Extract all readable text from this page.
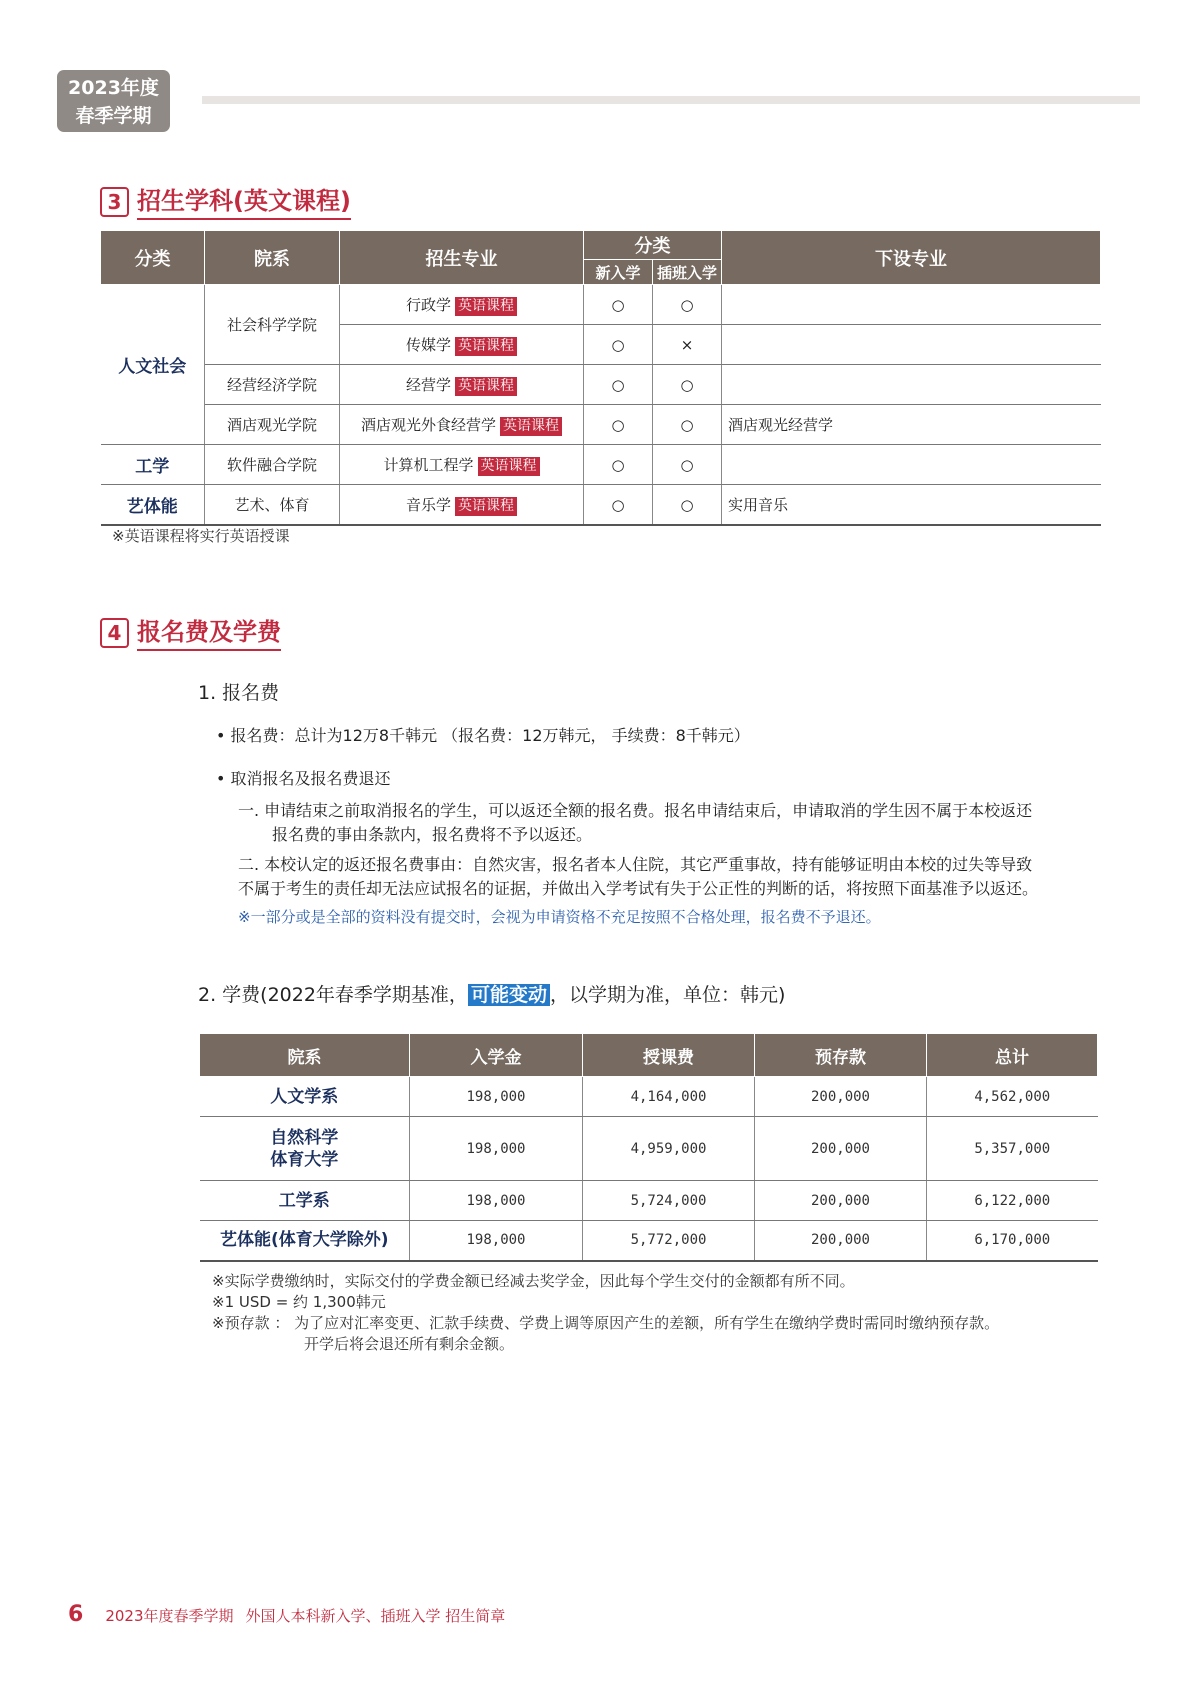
2023年度
春季学期
3 招生学科(英文课程)
分类	院系	招生专业	分类		下设专业
			新入学	插班入学	
人文社会	社会科学学院	行政学 英语课程	○	○	
		传媒学 英语课程	○	×	
	经营经济学院	经营学 英语课程	○	○	
	酒店观光学院	酒店观光外食经营学 英语课程	○	○	酒店观光经营学
工学	软件融合学院	计算机工程学 英语课程	○	○	
艺体能	艺术、体育	音乐学 英语课程	○	○	实用音乐
※英语课程将实行英语授课
4 报名费及学费
1. 报名费
• 报名费：总计为12万8千韩元 （报名费：12万韩元， 手续费：8千韩元）
• 取消报名及报名费退还
一. 申请结束之前取消报名的学生，可以返还全额的报名费。报名申请结束后，申请取消的学生因不属于本校返还
报名费的事由条款内，报名费将不予以返还。
二. 本校认定的返还报名费事由：自然灾害，报名者本人住院，其它严重事故，持有能够证明由本校的过失等导致
不属于考生的责任却无法应试报名的证据，并做出入学考试有失于公正性的判断的话，将按照下面基准予以返还。
※一部分或是全部的资料没有提交时，会视为申请资格不充足按照不合格处理，报名费不予退还。
2. 学费(2022年春季学期基准， 可能变动 ，以学期为准，单位：韩元)
院系	入学金	授课费	预存款	总计
人文学系	198,000	4,164,000	200,000	4,562,000

自然科学
体育大学	198,000	4,959,000	200,000	5,357,000
工学系	198,000	5,724,000	200,000	6,122,000
艺体能(体育大学除外)	198,000	5,772,000	200,000	6,170,000
※实际学费缴纳时，实际交付的学费金额已经减去奖学金，因此每个学生交付的金额都有所不同。
※1 USD = 约 1,300韩元
※预存款 ： 为了应对汇率变更、汇款手续费、学费上调等原因产生的差额，所有学生在缴纳学费时需同时缴纳预存款。
开学后将会退还所有剩余金额。
6 2023年度春季学期 外国人本科新入学、插班入学 招生简章
